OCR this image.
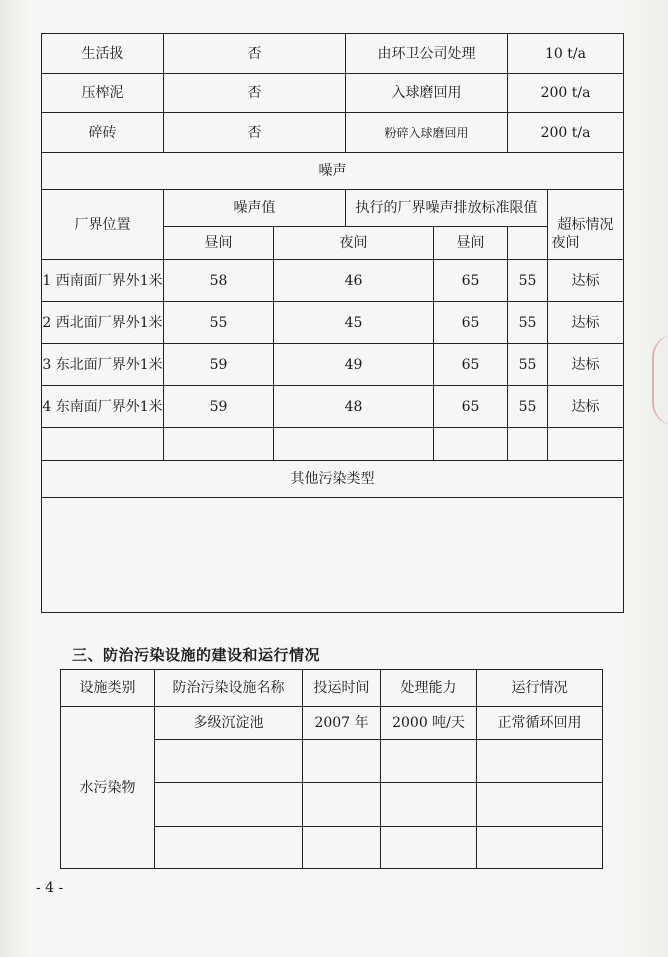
生活扱	否		由环卫公司处理		10 t/a	
压榨泥	否		入球磨回用		200 t/a	
碎砖	否		粉碎入球磨回用		200 t/a	
噪声						
厂界位置	噪声值		执行的厂界噪声排放标准限值			超标情况
	昼间	夜间		昼间	夜间	
1 西南面厂界外1米	58	46		65	55	达标
2 西北面厂界外1米	55	45		65	55	达标
3 东北面厂界外1米	59	49		65	55	达标
4 东南面厂界外1米	59	48		65	55	达标

其他污染类型						

三、防治污染设施的建设和运行情况
设施类别	防治污染设施名称	投运时间	处理能力	运行情况
水污染物	多级沉淀池	2007 年	2000 吨/天	正常循环回用

- 4 -
